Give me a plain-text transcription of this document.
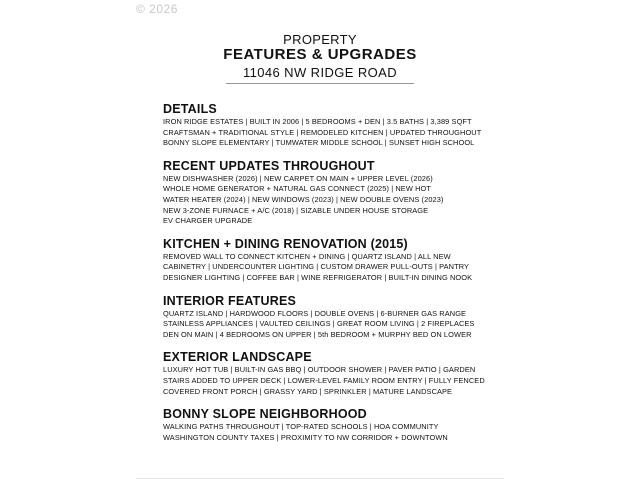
© 2026
PROPERTY
FEATURES & UPGRADES
11046 NW RIDGE ROAD
DETAILS
IRON RIDGE ESTATES | BUILT IN 2006 | 5 BEDROOMS + DEN | 3.5 BATHS | 3,389 SQFT
CRAFTSMAN + TRADITIONAL STYLE | REMODELED KITCHEN | UPDATED THROUGHOUT
BONNY SLOPE ELEMENTARY | TUMWATER MIDDLE SCHOOL | SUNSET HIGH SCHOOL
RECENT UPDATES THROUGHOUT
NEW DISHWASHER (2026) | NEW CARPET ON MAIN + UPPER LEVEL (2026)
WHOLE HOME GENERATOR + NATURAL GAS CONNECT (2025) | NEW HOT
WATER HEATER (2024) | NEW WINDOWS (2023) | NEW DOUBLE OVENS (2023)
NEW 3-ZONE FURNACE + A/C (2018) | SIZABLE UNDER HOUSE STORAGE
EV CHARGER UPGRADE
KITCHEN + DINING RENOVATION (2015)
REMOVED WALL TO CONNECT KITCHEN + DINING | QUARTZ ISLAND | ALL NEW
CABINETRY | UNDERCOUNTER LIGHTING | CUSTOM DRAWER PULL-OUTS | PANTRY
DESIGNER LIGHTING | COFFEE BAR | WINE REFRIGERATOR | BUILT-IN DINING NOOK
INTERIOR FEATURES
QUARTZ ISLAND | HARDWOOD FLOORS | DOUBLE OVENS | 6-BURNER GAS RANGE
STAINLESS APPLIANCES | VAULTED CEILINGS | GREAT ROOM LIVING | 2 FIREPLACES
DEN ON MAIN | 4 BEDROOMS ON UPPER | 5th BEDROOM + MURPHY BED ON LOWER
EXTERIOR LANDSCAPE
LUXURY HOT TUB | BUILT-IN GAS BBQ | OUTDOOR SHOWER | PAVER PATIO | GARDEN
STAIRS ADDED TO UPPER DECK | LOWER-LEVEL FAMILY ROOM ENTRY | FULLY FENCED
COVERED FRONT PORCH | GRASSY YARD | SPRINKLER | MATURE LANDSCAPE
BONNY SLOPE NEIGHBORHOOD
WALKING PATHS THROUGHOUT | TOP-RATED SCHOOLS | HOA COMMUNITY
WASHINGTON COUNTY TAXES | PROXIMITY TO NW CORRIDOR + DOWNTOWN
